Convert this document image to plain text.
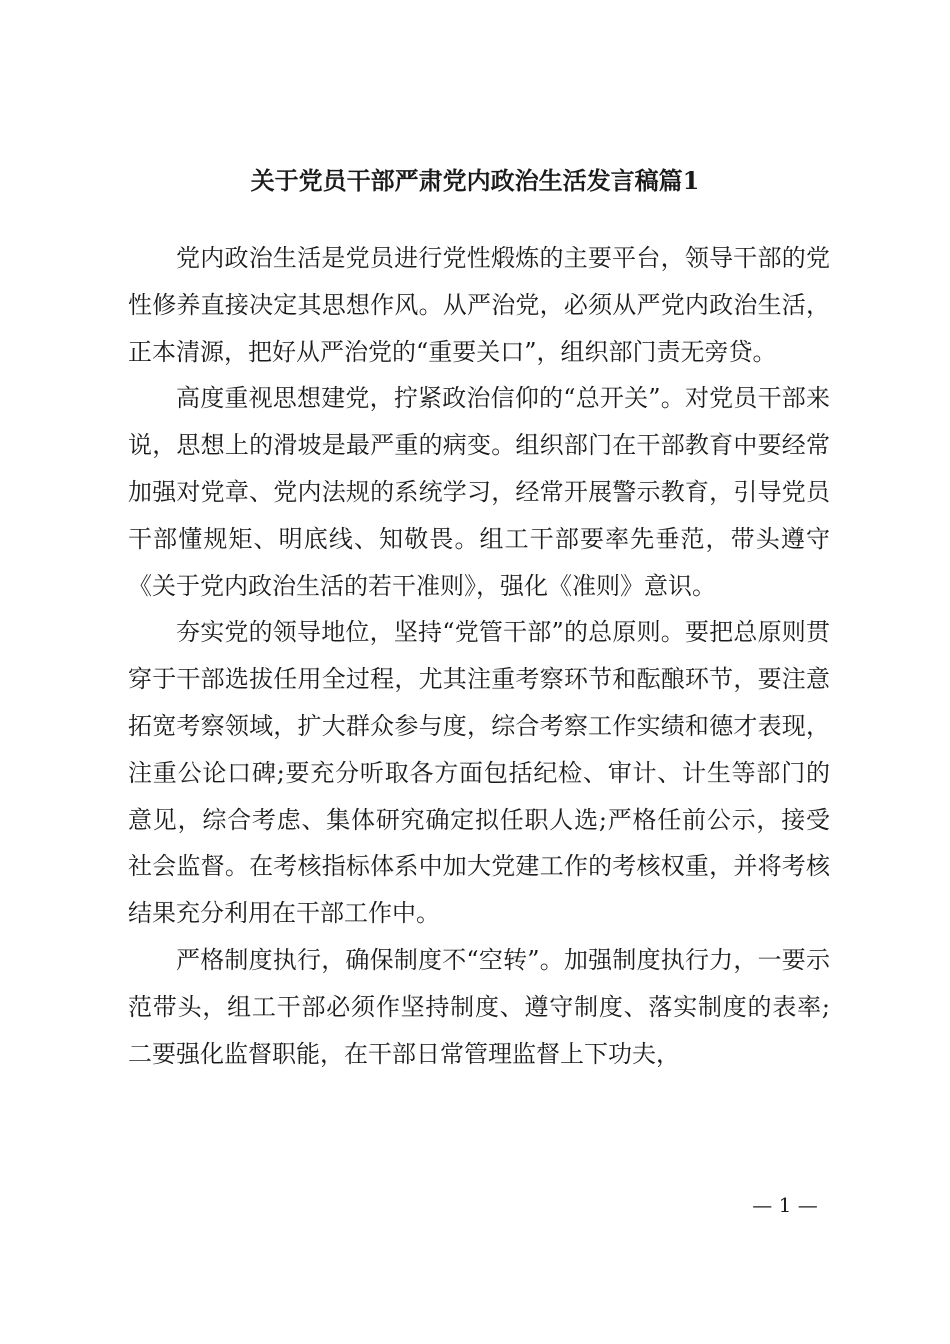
关于党员干部严肃党内政治生活发言稿篇1

党内政治生活是党员进行党性煅炼的主要平台，领导干部的党性修养直接决定其思想作风。从严治党，必须从严党内政治生活，正本清源，把好从严治党的“重要关口”，组织部门责无旁贷。

高度重视思想建党，拧紧政治信仰的“总开关”。对党员干部来说，思想上的滑坡是最严重的病变。组织部门在干部教育中要经常加强对党章、党内法规的系统学习，经常开展警示教育，引导党员干部懂规矩、明底线、知敬畏。组工干部要率先垂范，带头遵守《关于党内政治生活的若干准则》，强化《准则》意识。

夯实党的领导地位，坚持“党管干部”的总原则。要把总原则贯穿于干部选拔任用全过程，尤其注重考察环节和酝酿环节，要注意拓宽考察领域，扩大群众参与度，综合考察工作实绩和德才表现，注重公论口碑;要充分听取各方面包括纪检、审计、计生等部门的意见，综合考虑、集体研究确定拟任职人选;严格任前公示，接受社会监督。在考核指标体系中加大党建工作的考核权重，并将考核结果充分利用在干部工作中。

严格制度执行，确保制度不“空转”。加强制度执行力，一要示范带头，组工干部必须作坚持制度、遵守制度、落实制度的表率;二要强化监督职能，在干部日常管理监督上下功夫，

— 1 —
